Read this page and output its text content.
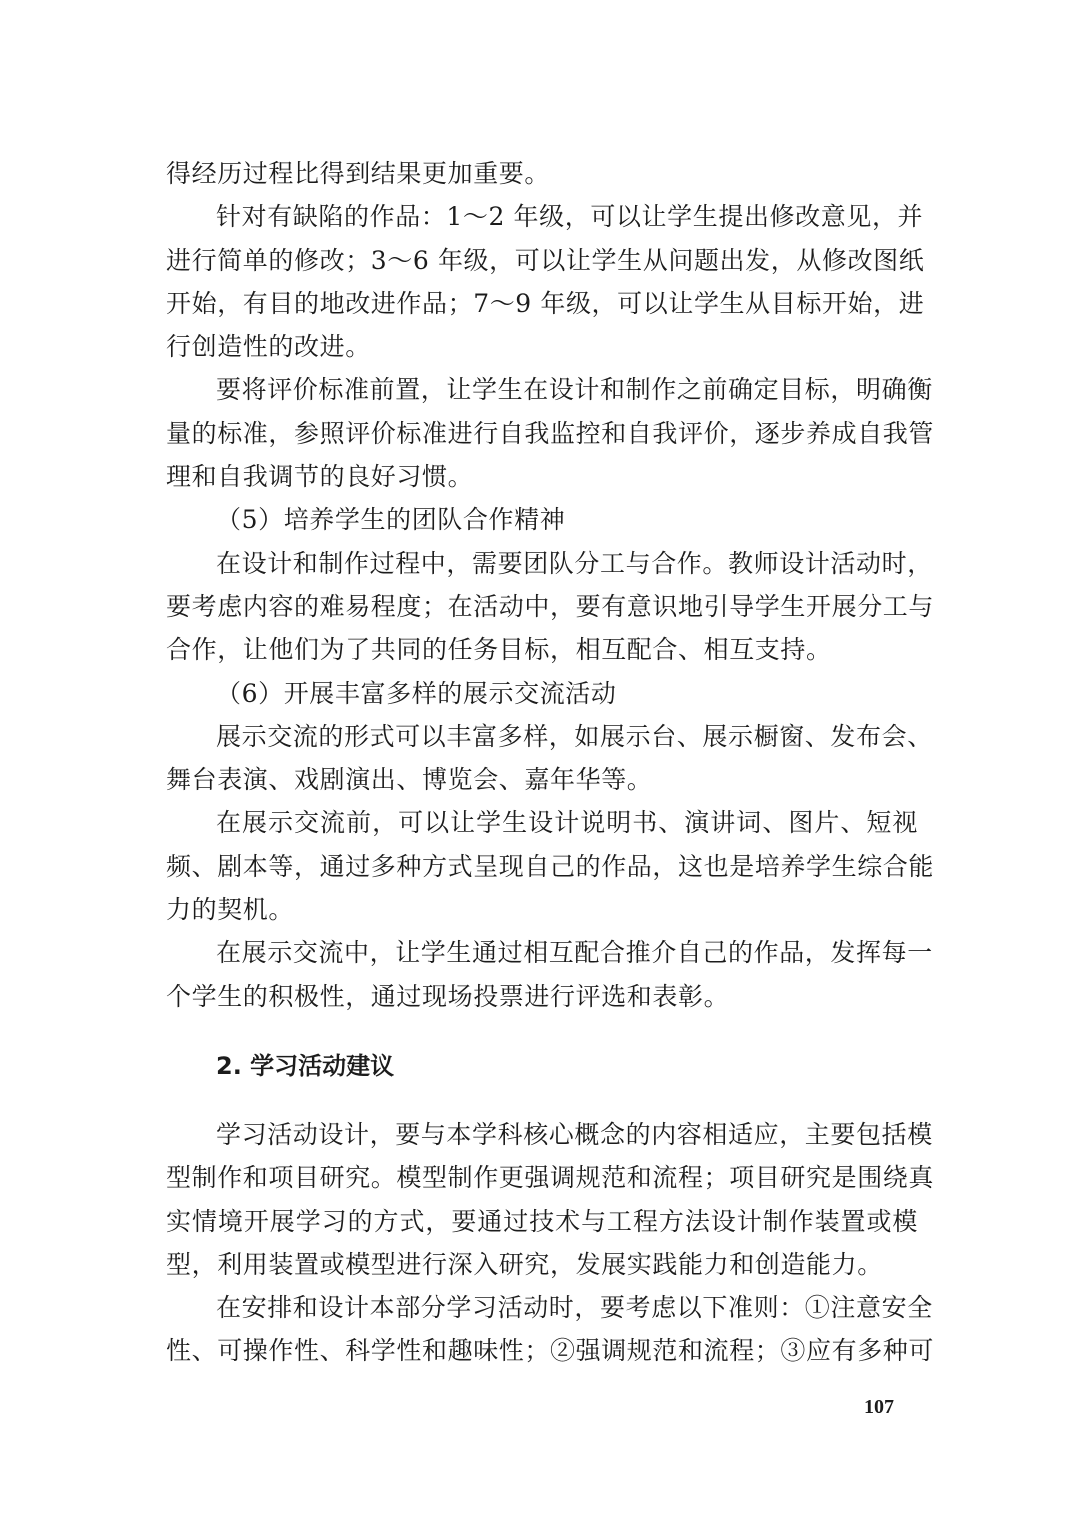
得经历过程比得到结果更加重要。
针对有缺陷的作品：1～2 年级，可以让学生提出修改意见，并
进行简单的修改；3～6 年级，可以让学生从问题出发，从修改图纸
开始，有目的地改进作品；7～9 年级，可以让学生从目标开始，进
行创造性的改进。
要将评价标准前置，让学生在设计和制作之前确定目标，明确衡
量的标准，参照评价标准进行自我监控和自我评价，逐步养成自我管
理和自我调节的良好习惯。
（5）培养学生的团队合作精神
在设计和制作过程中，需要团队分工与合作。教师设计活动时，
要考虑内容的难易程度；在活动中，要有意识地引导学生开展分工与
合作，让他们为了共同的任务目标，相互配合、相互支持。
（6）开展丰富多样的展示交流活动
展示交流的形式可以丰富多样，如展示台、展示橱窗、发布会、
舞台表演、戏剧演出、博览会、嘉年华等。
在展示交流前，可以让学生设计说明书、演讲词、图片、短视
频、剧本等，通过多种方式呈现自己的作品，这也是培养学生综合能
力的契机。
在展示交流中，让学生通过相互配合推介自己的作品，发挥每一
个学生的积极性，通过现场投票进行评选和表彰。
2. 学习活动建议
学习活动设计，要与本学科核心概念的内容相适应，主要包括模
型制作和项目研究。模型制作更强调规范和流程；项目研究是围绕真
实情境开展学习的方式，要通过技术与工程方法设计制作装置或模
型，利用装置或模型进行深入研究，发展实践能力和创造能力。
在安排和设计本部分学习活动时，要考虑以下准则：①注意安全
性、可操作性、科学性和趣味性；②强调规范和流程；③应有多种可
107
